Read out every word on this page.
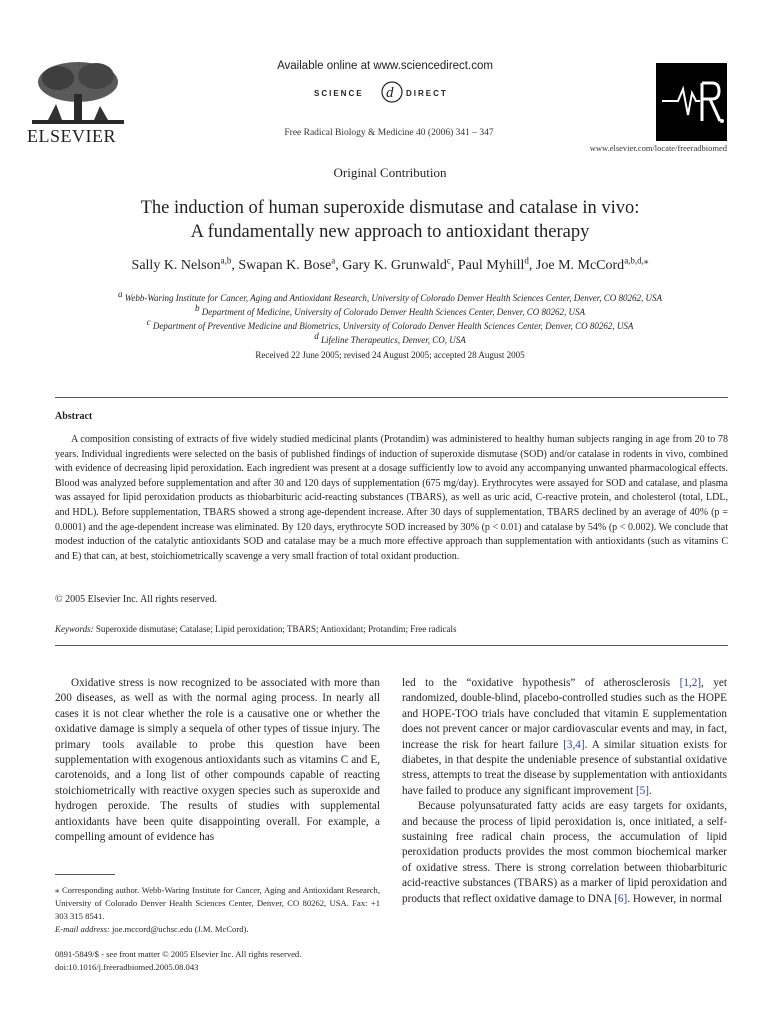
ELSEVIER
Available online at www.sciencedirect.com
SCIENCE d DIRECT
Free Radical Biology & Medicine 40 (2006) 341 – 347
www.elsevier.com/locate/freeradbiomed
Original Contribution
The induction of human superoxide dismutase and catalase in vivo:
A fundamentally new approach to antioxidant therapy
Sally K. Nelson$^{a,b}$, Swapan K. Bose$^a$, Gary K. Grunwald$^c$, Paul Myhill$^d$, Joe M. McCord$^{a,b,d,⁎}$
$^a$ Webb-Waring Institute for Cancer, Aging and Antioxidant Research, University of Colorado Denver Health Sciences Center, Denver, CO 80262, USA
$^b$ Department of Medicine, University of Colorado Denver Health Sciences Center, Denver, CO 80262, USA
$^c$ Department of Preventive Medicine and Biometrics, University of Colorado Denver Health Sciences Center, Denver, CO 80262, USA
$^d$ Lifeline Therapeutics, Denver, CO, USA
Received 22 June 2005; revised 24 August 2005; accepted 28 August 2005
Abstract

A composition consisting of extracts of five widely studied medicinal plants (Protandim) was administered to healthy human subjects ranging in age from 20 to 78 years. Individual ingredients were selected on the basis of published findings of induction of superoxide dismutase (SOD) and/or catalase in rodents in vivo, combined with evidence of decreasing lipid peroxidation. Each ingredient was present at a dosage sufficiently low to avoid any accompanying unwanted pharmacological effects. Blood was analyzed before supplementation and after 30 and 120 days of supplementation (675 mg/day). Erythrocytes were assayed for SOD and catalase, and plasma was assayed for lipid peroxidation products as thiobarbituric acid-reacting substances (TBARS), as well as uric acid, C-reactive protein, and cholesterol (total, LDL, and HDL). Before supplementation, TBARS showed a strong age-dependent increase. After 30 days of supplementation, TBARS declined by an average of 40% (p = 0.0001) and the age-dependent increase was eliminated. By 120 days, erythrocyte SOD increased by 30% (p < 0.01) and catalase by 54% (p < 0.002). We conclude that modest induction of the catalytic antioxidants SOD and catalase may be a much more effective approach than supplementation with antioxidants (such as vitamins C and E) that can, at best, stoichiometrically scavenge a very small fraction of total oxidant production.

© 2005 Elsevier Inc. All rights reserved.
Keywords: Superoxide dismutase; Catalase; Lipid peroxidation; TBARS; Antioxidant; Protandim; Free radicals

Oxidative stress is now recognized to be associated with more than 200 diseases, as well as with the normal aging process. In nearly all cases it is not clear whether the role is a causative one or whether the oxidative damage is simply a sequela of other types of tissue injury. The primary tools available to probe this question have been supplementation with exogenous antioxidants such as vitamins C and E, carotenoids, and a long list of other compounds capable of reacting stoichiometrically with reactive oxygen species such as superoxide and hydrogen peroxide. The results of studies with supplemental antioxidants have been quite disappointing overall. For example, a compelling amount of evidence has

led to the “oxidative hypothesis” of atherosclerosis [1,2], yet randomized, double-blind, placebo-controlled studies such as the HOPE and HOPE-TOO trials have concluded that vitamin E supplementation does not prevent cancer or major cardiovascular events and may, in fact, increase the risk for heart failure [3,4]. A similar situation exists for diabetes, in that despite the undeniable presence of substantial oxidative stress, attempts to treat the disease by supplementation with antioxidants have failed to produce any significant improvement [5].

Because polyunsaturated fatty acids are easy targets for oxidants, and because the process of lipid peroxidation is, once initiated, a self-sustaining free radical chain process, the accumulation of lipid peroxidation products provides the most common biochemical marker of oxidative stress. There is strong correlation between thiobarbituric acid-reactive substances (TBARS) as a marker of lipid peroxidation and products that reflect oxidative damage to DNA [6]. However, in normal

⁎ Corresponding author. Webb-Waring Institute for Cancer, Aging and Antioxidant Research, University of Colorado Denver Health Sciences Center, Denver, CO 80262, USA. Fax: +1 303 315 8541.

E-mail address: joe.mccord@uchsc.edu (J.M. McCord).

0891-5849/$ - see front matter © 2005 Elsevier Inc. All rights reserved.
doi:10.1016/j.freeradbiomed.2005.08.043
